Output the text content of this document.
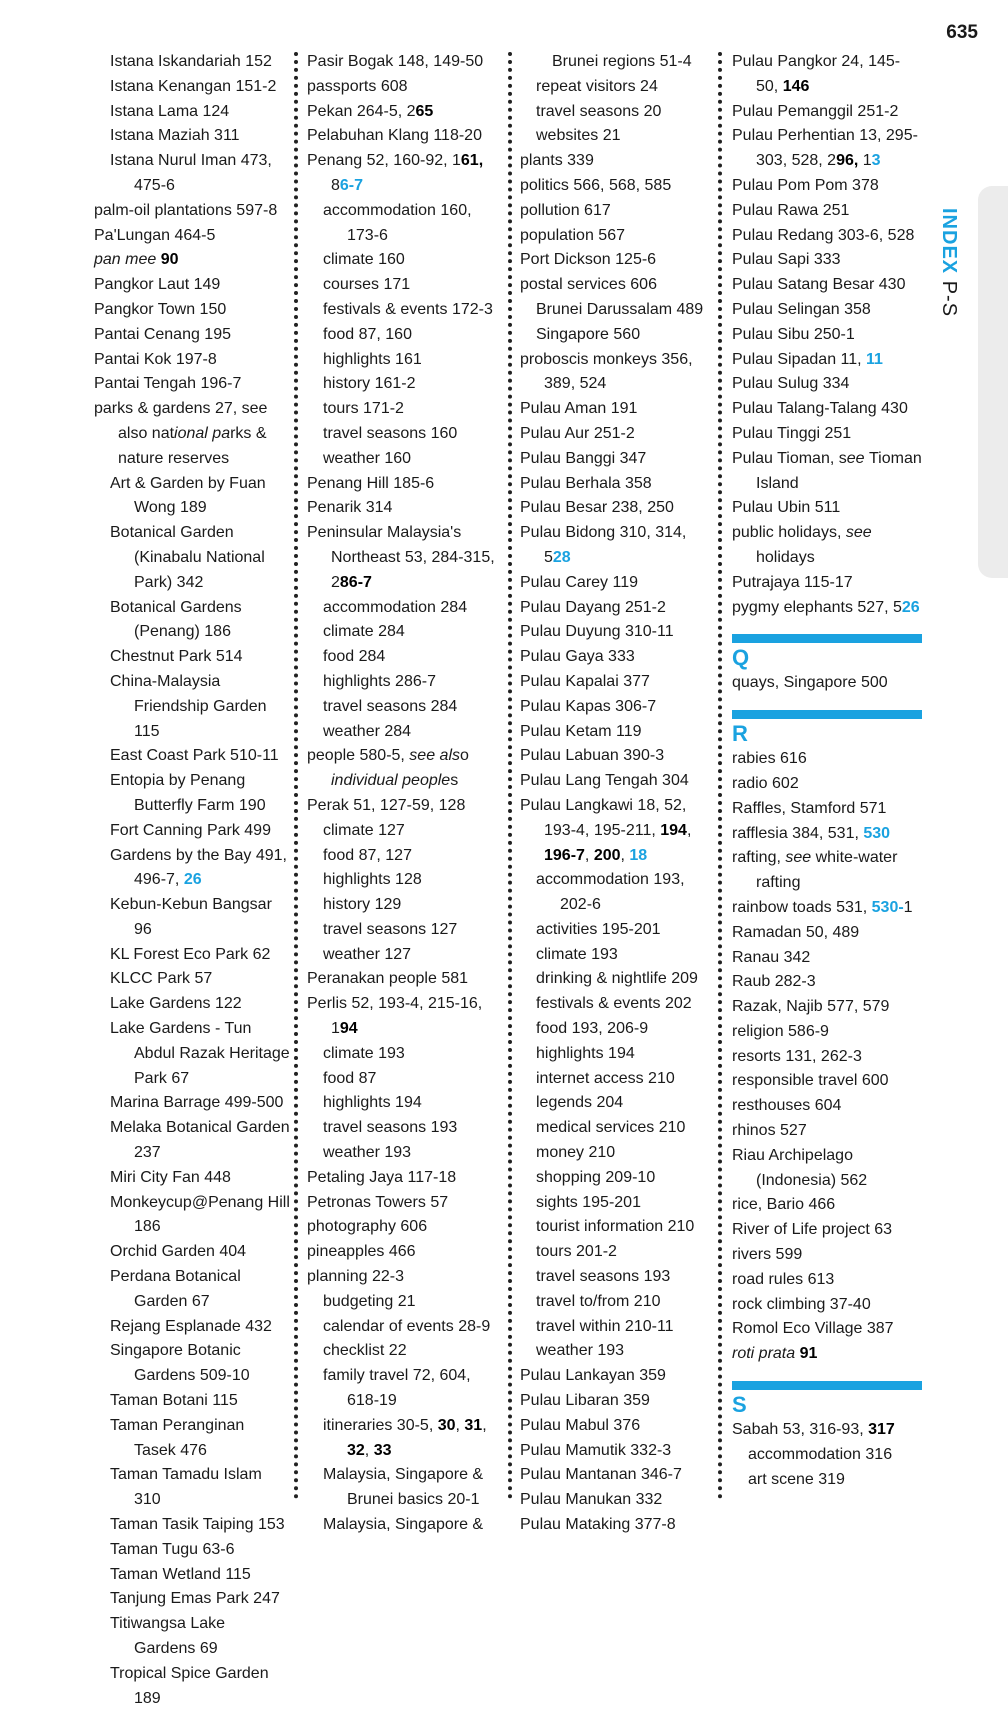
635
INDEX P-S
Istana Iskandariah 152
Istana Kenangan 151-2
Istana Lama 124
Istana Maziah 311
Istana Nurul Iman 473, 475-6
palm-oil plantations 597-8
Pa'Lungan 464-5
pan mee 90
Pangkor Laut 149
Pangkor Town 150
Pantai Cenang 195
Pantai Kok 197-8
Pantai Tengah 196-7
parks & gardens 27, see also national parks & nature reserves
Art & Garden by Fuan Wong 189
Botanical Garden (Kinabalu National Park) 342
Botanical Gardens (Penang) 186
Chestnut Park 514
China-Malaysia Friendship Garden 115
East Coast Park 510-11
Entopia by Penang Butterfly Farm 190
Fort Canning Park 499
Gardens by the Bay 491, 496-7, 26
Kebun-Kebun Bangsar 96
KL Forest Eco Park 62
KLCC Park 57
Lake Gardens 122
Lake Gardens - Tun Abdul Razak Heritage Park 67
Marina Barrage 499-500
Melaka Botanical Garden 237
Miri City Fan 448
Monkeycup@Penang Hill 186
Orchid Garden 404
Perdana Botanical Garden 67
Rejang Esplanade 432
Singapore Botanic Gardens 509-10
Taman Botani 115
Taman Peranginan Tasek 476
Taman Tamadu Islam 310
Taman Tasik Taiping 153
Taman Tugu 63-6
Taman Wetland 115
Tanjung Emas Park 247
Titiwangsa Lake Gardens 69
Tropical Spice Garden 189
Pasir Bogak 148, 149-50
passports 608
Pekan 264-5, 265
Pelabuhan Klang 118-20
Penang 52, 160-92, 161, 86-7
accommodation 160, 173-6
climate 160
courses 171
festivals & events 172-3
food 87, 160
highlights 161
history 161-2
tours 171-2
travel seasons 160
weather 160
Penang Hill 185-6
Penarik 314
Peninsular Malaysia's Northeast 53, 284-315, 286-7
accommodation 284
climate 284
food 284
highlights 286-7
travel seasons 284
weather 284
people 580-5, see also individual peoples
Perak 51, 127-59, 128
climate 127
food 87, 127
highlights 128
history 129
travel seasons 127
weather 127
Peranakan people 581
Perlis 52, 193-4, 215-16, 194
climate 193
food 87
highlights 194
travel seasons 193
weather 193
Petaling Jaya 117-18
Petronas Towers 57
photography 606
pineapples 466
planning 22-3
budgeting 21
calendar of events 28-9
checklist 22
family travel 72, 604, 618-19
itineraries 30-5, 30, 31, 32, 33
Malaysia, Singapore & Brunei basics 20-1
Malaysia, Singapore &
Brunei regions 51-4
repeat visitors 24
travel seasons 20
websites 21
plants 339
politics 566, 568, 585
pollution 617
population 567
Port Dickson 125-6
postal services 606
Brunei Darussalam 489
Singapore 560
proboscis monkeys 356, 389, 524
Pulau Aman 191
Pulau Aur 251-2
Pulau Banggi 347
Pulau Berhala 358
Pulau Besar 238, 250
Pulau Bidong 310, 314, 528
Pulau Carey 119
Pulau Dayang 251-2
Pulau Duyung 310-11
Pulau Gaya 333
Pulau Kapalai 377
Pulau Kapas 306-7
Pulau Ketam 119
Pulau Labuan 390-3
Pulau Lang Tengah 304
Pulau Langkawi 18, 52, 193-4, 195-211, 194, 196-7, 200, 18
accommodation 193, 202-6
activities 195-201
climate 193
drinking & nightlife 209
festivals & events 202
food 193, 206-9
highlights 194
internet access 210
legends 204
medical services 210
money 210
shopping 209-10
sights 195-201
tourist information 210
tours 201-2
travel seasons 193
travel to/from 210
travel within 210-11
weather 193
Pulau Lankayan 359
Pulau Libaran 359
Pulau Mabul 376
Pulau Mamutik 332-3
Pulau Mantanan 346-7
Pulau Manukan 332
Pulau Mataking 377-8
Pulau Pangkor 24, 145-50, 146
Pulau Pemanggil 251-2
Pulau Perhentian 13, 295-303, 528, 296, 13
Pulau Pom Pom 378
Pulau Rawa 251
Pulau Redang 303-6, 528
Pulau Sapi 333
Pulau Satang Besar 430
Pulau Selingan 358
Pulau Sibu 250-1
Pulau Sipadan 11, 11
Pulau Sulug 334
Pulau Talang-Talang 430
Pulau Tinggi 251
Pulau Tioman, see Tioman Island
Pulau Ubin 511
public holidays, see holidays
Putrajaya 115-17
pygmy elephants 527, 526
Q
quays, Singapore 500
R
rabies 616
radio 602
Raffles, Stamford 571
rafflesia 384, 531, 530
rafting, see white-water rafting
rainbow toads 531, 530-1
Ramadan 50, 489
Ranau 342
Raub 282-3
Razak, Najib 577, 579
religion 586-9
resorts 131, 262-3
responsible travel 600
resthouses 604
rhinos 527
Riau Archipelago (Indonesia) 562
rice, Bario 466
River of Life project 63
rivers 599
road rules 613
rock climbing 37-40
Romol Eco Village 387
roti prata 91
S
Sabah 53, 316-93, 317
accommodation 316
art scene 319
